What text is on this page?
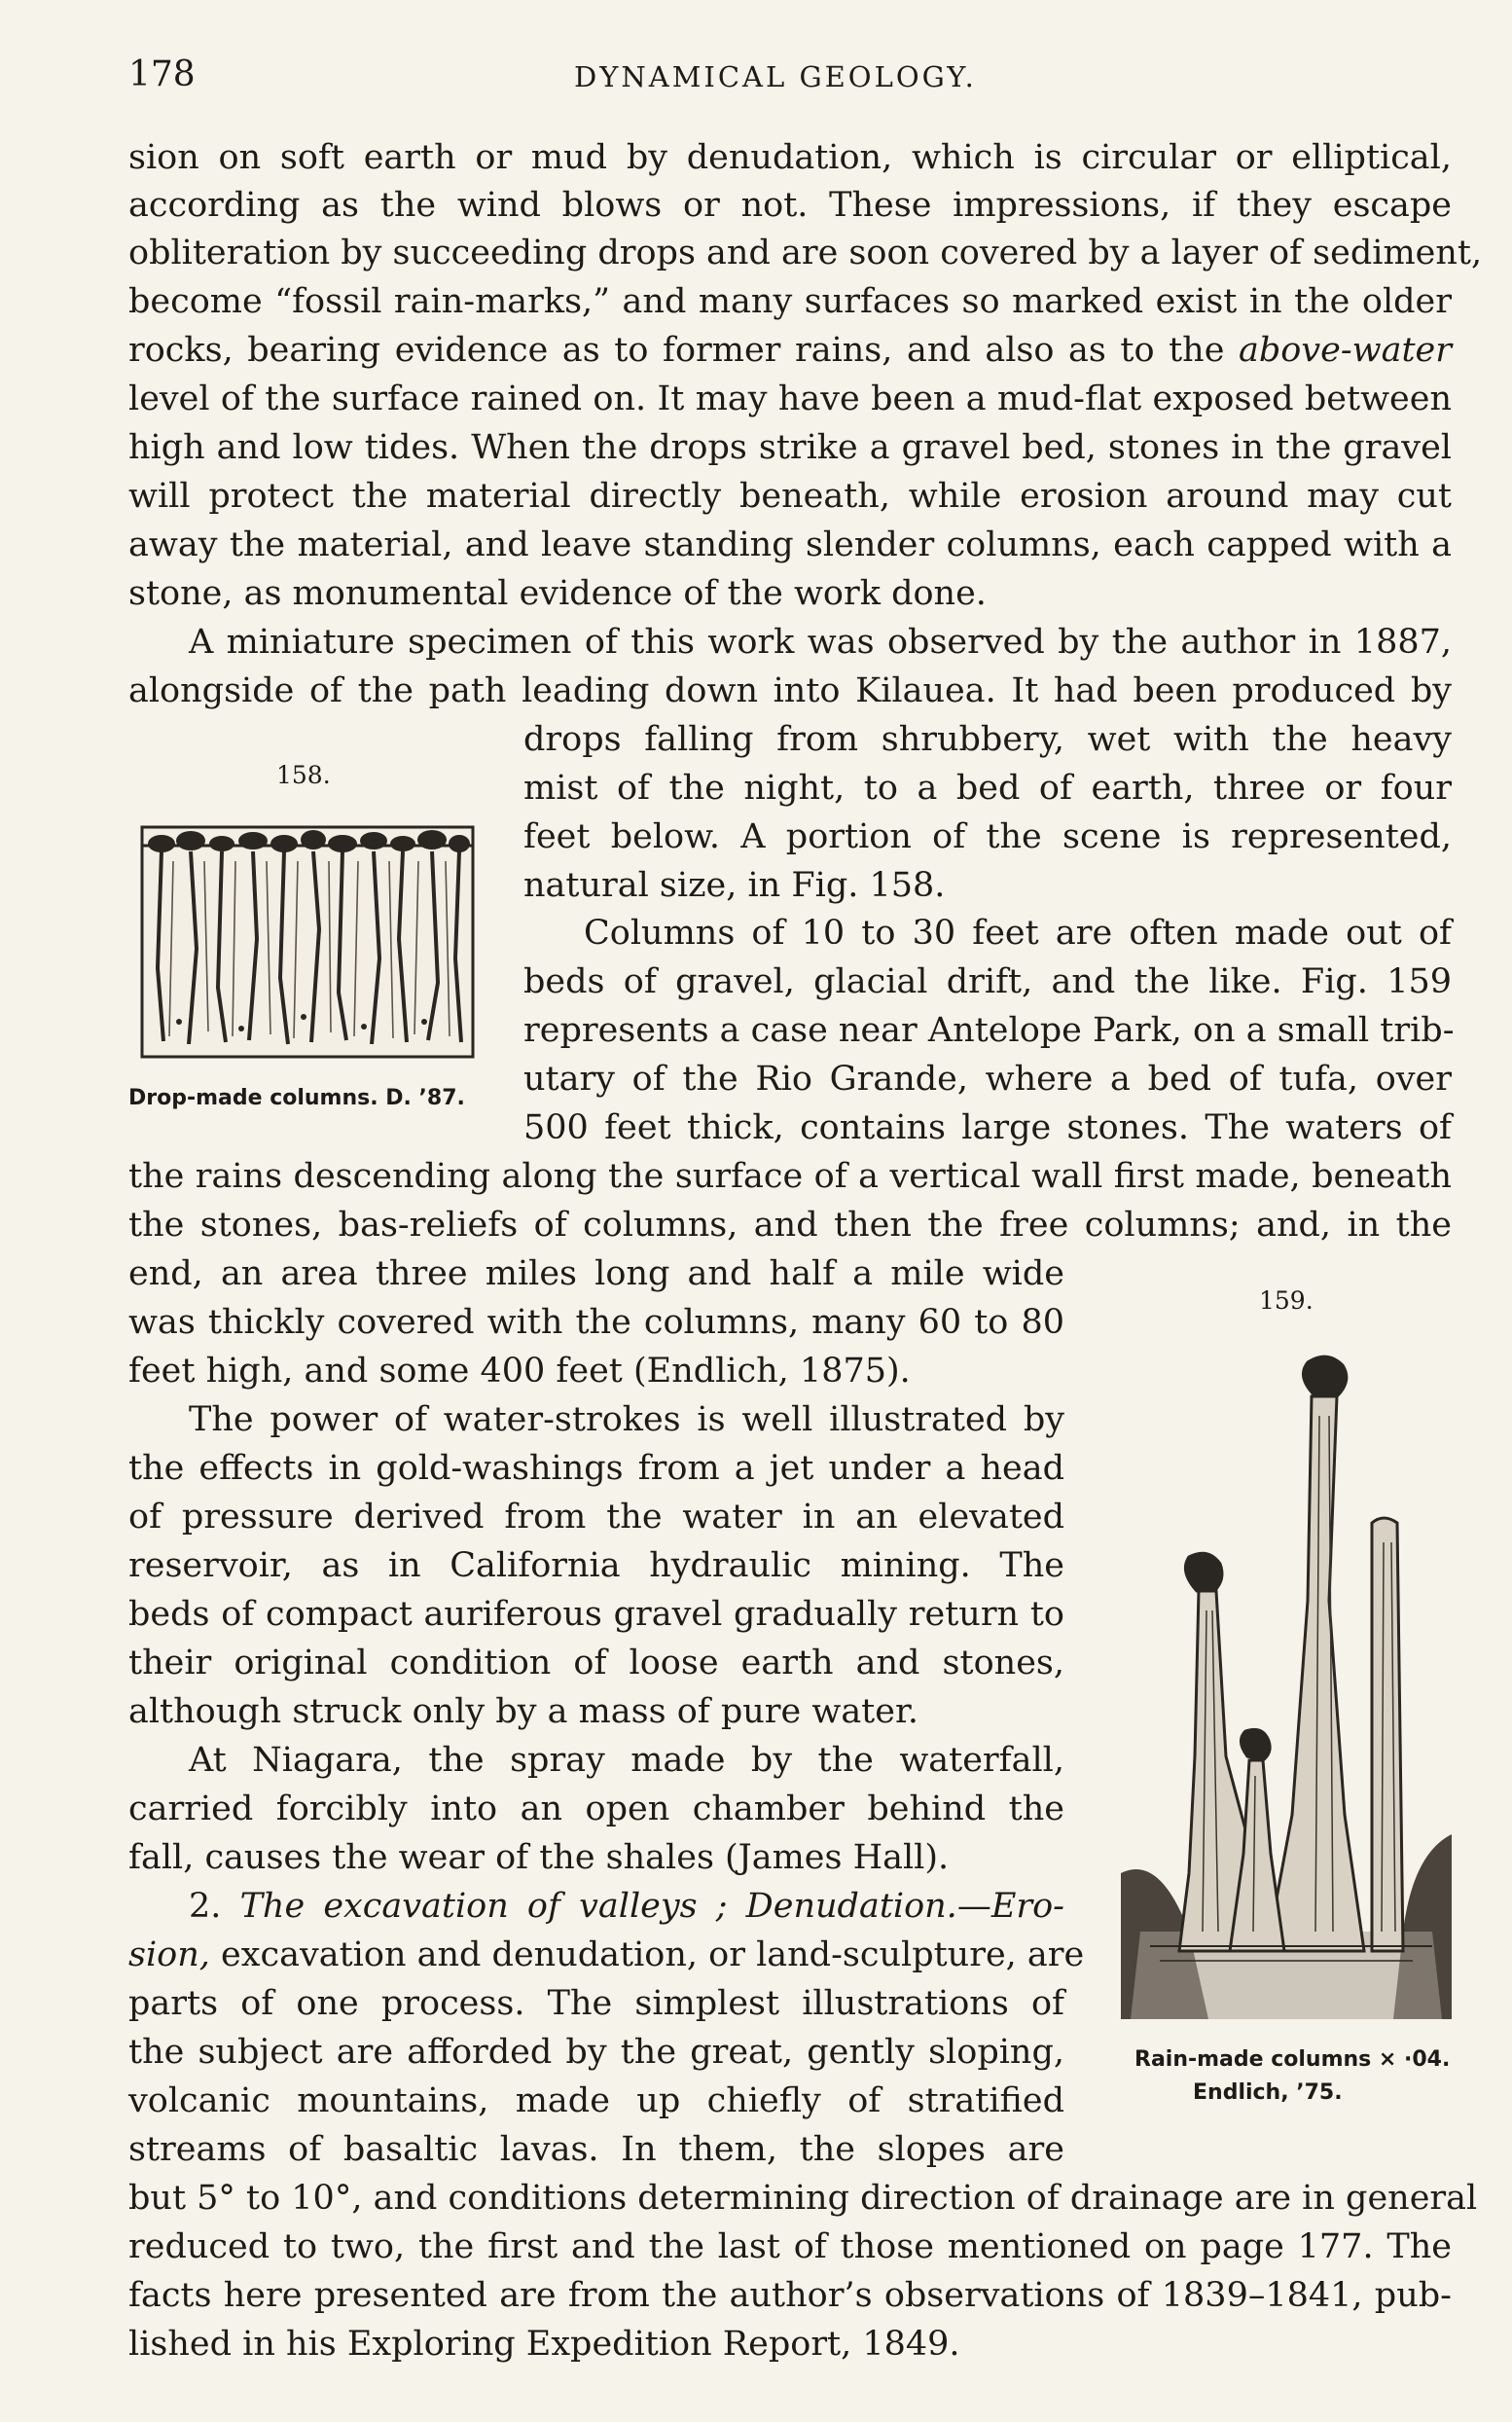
178	DYNAMICAL GEOLOGY.
sion on soft earth or mud by denudation, which is circular or elliptical,
according as the wind blows or not. These impressions, if they escape
obliteration by succeeding drops and are soon covered by a layer of sediment,
become “fossil rain-marks,” and many surfaces so marked exist in the older
rocks, bearing evidence as to former rains, and also as to the above-water
level of the surface rained on. It may have been a mud-flat exposed between
high and low tides. When the drops strike a gravel bed, stones in the gravel
will protect the material directly beneath, while erosion around may cut
away the material, and leave standing slender columns, each capped with a
stone, as monumental evidence of the work done.
A miniature specimen of this work was observed by the author in 1887,
alongside of the path leading down into Kilauea. It had been produced by
drops falling from shrubbery, wet with the heavy
mist of the night, to a bed of earth, three or four
feet below. A portion of the scene is represented,
natural size, in Fig. 158.
Columns of 10 to 30 feet are often made out of
beds of gravel, glacial drift, and the like. Fig. 159
represents a case near Antelope Park, on a small trib-
utary of the Rio Grande, where a bed of tufa, over
500 feet thick, contains large stones. The waters of
the rains descending along the surface of a vertical wall first made, beneath
the stones, bas-reliefs of columns, and then the free columns; and, in the
end, an area three miles long and half a mile wide
was thickly covered with the columns, many 60 to 80
feet high, and some 400 feet (Endlich, 1875).
The power of water-strokes is well illustrated by
the effects in gold-washings from a jet under a head
of pressure derived from the water in an elevated
reservoir, as in California hydraulic mining. The
beds of compact auriferous gravel gradually return to
their original condition of loose earth and stones,
although struck only by a mass of pure water.
At Niagara, the spray made by the waterfall,
carried forcibly into an open chamber behind the
fall, causes the wear of the shales (James Hall).
2. The excavation of valleys ; Denudation.—Ero-
sion, excavation and denudation, or land-sculpture, are
parts of one process. The simplest illustrations of
the subject are afforded by the great, gently sloping,
volcanic mountains, made up chiefly of stratified
streams of basaltic lavas. In them, the slopes are
but 5° to 10°, and conditions determining direction of drainage are in general
reduced to two, the first and the last of those mentioned on page 177. The
facts here presented are from the author’s observations of 1839–1841, pub-
lished in his Exploring Expedition Report, 1849.
158.
Drop-made columns. D. ’87.
159.
Rain-made columns × ·04.
Endlich, ’75.
